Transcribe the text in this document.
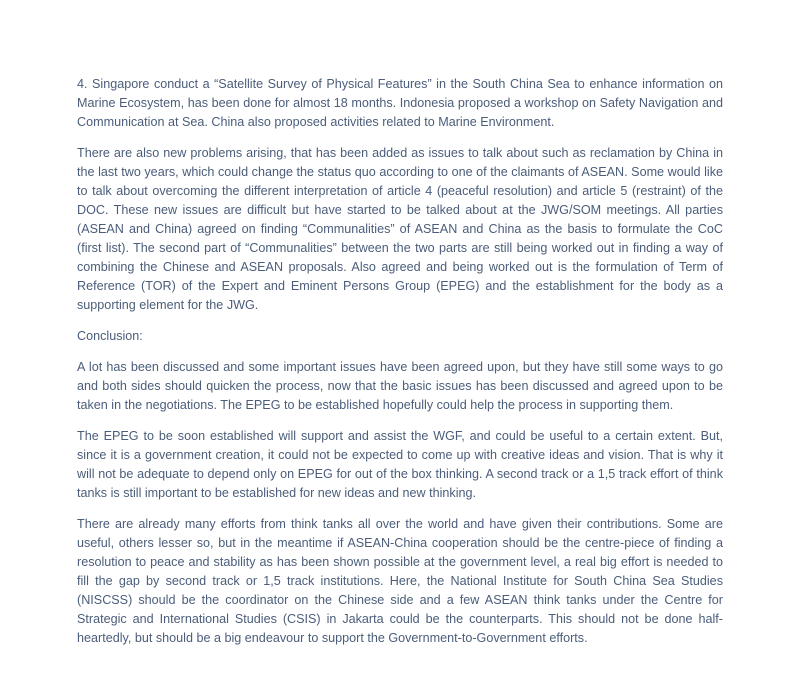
4. Singapore conduct a “Satellite Survey of Physical Features” in the South China Sea to enhance information on Marine Ecosystem, has been done for almost 18 months. Indonesia proposed a workshop on Safety Navigation and Communication at Sea. China also proposed activities related to Marine Environment.

There are also new problems arising, that has been added as issues to talk about such as reclamation by China in the last two years, which could change the status quo according to one of the claimants of ASEAN. Some would like to talk about overcoming the different interpretation of article 4 (peaceful resolution) and article 5 (restraint) of the DOC. These new issues are difficult but have started to be talked about at the JWG/SOM meetings. All parties (ASEAN and China) agreed on finding “Communalities” of ASEAN and China as the basis to formulate the CoC (first list). The second part of “Communalities” between the two parts are still being worked out in finding a way of combining the Chinese and ASEAN proposals. Also agreed and being worked out is the formulation of Term of Reference (TOR) of the Expert and Eminent Persons Group (EPEG) and the establishment for the body as a supporting element for the JWG.

Conclusion:

A lot has been discussed and some important issues have been agreed upon, but they have still some ways to go and both sides should quicken the process, now that the basic issues has been discussed and agreed upon to be taken in the negotiations. The EPEG to be established hopefully could help the process in supporting them.

The EPEG to be soon established will support and assist the WGF, and could be useful to a certain extent. But, since it is a government creation, it could not be expected to come up with creative ideas and vision. That is why it will not be adequate to depend only on EPEG for out of the box thinking. A second track or a 1,5 track effort of think tanks is still important to be established for new ideas and new thinking.

There are already many efforts from think tanks all over the world and have given their contributions. Some are useful, others lesser so, but in the meantime if ASEAN-China cooperation should be the centre-piece of finding a resolution to peace and stability as has been shown possible at the government level, a real big effort is needed to fill the gap by second track or 1,5 track institutions. Here, the National Institute for South China Sea Studies (NISCSS) should be the coordinator on the Chinese side and a few ASEAN think tanks under the Centre for Strategic and International Studies (CSIS) in Jakarta could be the counterparts. This should not be done half-heartedly, but should be a big endeavour to support the Government-to-Government efforts.
